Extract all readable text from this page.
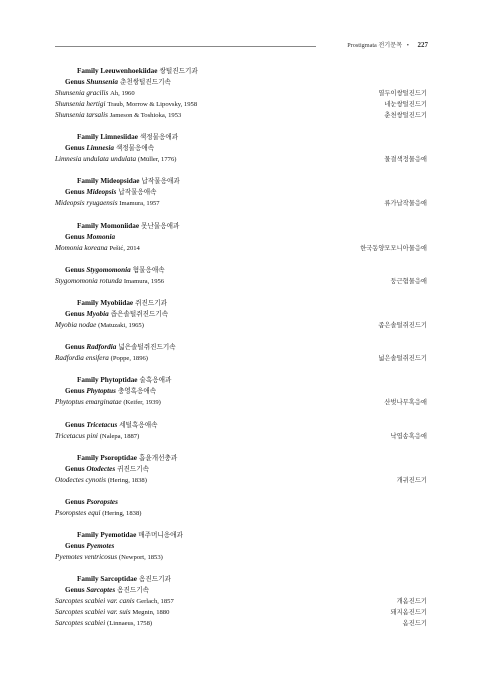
Prostigmata 전기문목 • 227
Family Leeuwenhoekiidae 쌍털진드기과
Genus Shunsenia 춘천쌍털진드기속
Shunsenia gracilis Ah, 1960	열두이쌍털진드기
Shunsenia hertigi Traub, Morrow & Lipovsky, 1958	네눈쌍털진드기
Shunsenia tarsalis Jameson & Toshioka, 1953	춘천쌍털진드기
Family Limnesiidae 색정물응애과
Genus Limnesia 색정물응애속
Limnesia undulata undulata (Müller, 1776)	물결색정물응애
Family Mideopsidae 납작물응애과
Genus Mideopsis 납작물응애속
Mideopsis ryugaensis Imamura, 1957	류가납작물응애
Family Momoniidae 못난물응애과
Genus Momonia
Momonia koreana Pešić, 2014	한국동양모모니아물응애
Genus Stygomomonia 혐물응애속
Stygomomonia rotunda Imamura, 1956	둥근혐물응애
Family Myobiidae 쥐진드기과
Genus Myobia 좁은솔털쥐진드기속
Myobia nodae (Matuzaki, 1965)	좁은솔털쥐진드기
Genus Radfordia 넓은솔털쥐진드기속
Radfordia ensifera (Poppe, 1896)	넓은솔털쥐진드기
Family Phytoptidae 술혹응애과
Genus Phytoptus 충영혹응애속
Phytoptus emarginatae (Keifer, 1939)	산벚나무혹응애
Genus Tricetacus 세털혹응애속
Tricetacus pini (Nalepa, 1887)	낙엽송혹응애
Family Psoroptidae 흡윤개선충과
Genus Otodectes 귀진드기속
Otodectes cynotis (Hering, 1838)	개귀진드기
Genus Psoropstes
Psoropstes equi (Hering, 1838)
Family Pyemotidae 매주머니응애과
Genus Pyemotes
Pyemotes ventricosus (Newport, 1853)
Family Sarcoptidae 옴진드기과
Genus Sarcoptes 옴진드기속
Sarcoptes scabiei var. canis Gerlach, 1857	개옴진드기
Sarcoptes scabiei var. suis Megnin, 1880	돼지옴진드기
Sarcoptes scabiei (Linnaeus, 1758)	옴진드기
